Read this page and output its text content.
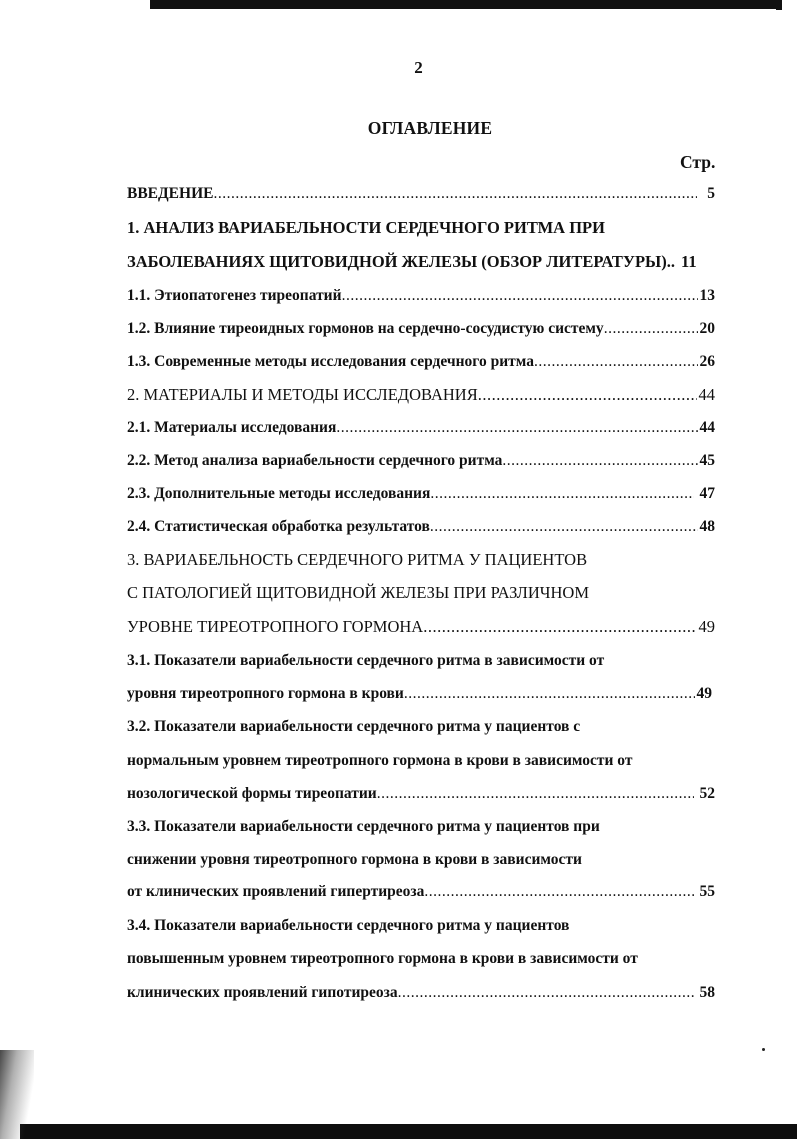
2
ОГЛАВЛЕНИЕ
Стр.
ВВЕДЕНИЕ .....	5
1. АНАЛИЗ ВАРИАБЕЛЬНОСТИ СЕРДЕЧНОГО РИТМА ПРИ
ЗАБОЛЕВАНИЯХ ЩИТОВИДНОЙ ЖЕЛЕЗЫ (ОБЗОР ЛИТЕРАТУРЫ).. 11
1.1. Этиопатогенез тиреопатий .....	13
1.2. Влияние тиреоидных гормонов на сердечно-сосудистую систему .....	20
1.3. Современные методы исследования сердечного ритма .....	26
2. МАТЕРИАЛЫ И МЕТОДЫ ИССЛЕДОВАНИЯ .....	44
2.1. Материалы исследования .....	44
2.2. Метод анализа вариабельности сердечного ритма .....	45
2.3. Дополнительные методы исследования .....	47
2.4. Статистическая обработка результатов .....	48
3. ВАРИАБЕЛЬНОСТЬ СЕРДЕЧНОГО РИТМА У ПАЦИЕНТОВ
С ПАТОЛОГИЕЙ ЩИТОВИДНОЙ ЖЕЛЕЗЫ ПРИ РАЗЛИЧНОМ
УРОВНЕ ТИРЕОТРОПНОГО ГОРМОНА .....	49
3.1. Показатели вариабельности сердечного ритма в зависимости от
уровня тиреотропного гормона в крови .....	49
3.2. Показатели вариабельности сердечного ритма у пациентов с
нормальным уровнем тиреотропного гормона в крови в зависимости от
нозологической формы тиреопатии .....	52
3.3. Показатели вариабельности сердечного ритма у пациентов при
снижении уровня тиреотропного гормона в крови в зависимости
от клинических проявлений гипертиреоза .....	55
3.4. Показатели вариабельности сердечного ритма у пациентов
повышенным уровнем тиреотропного гормона в крови в зависимости от
клинических проявлений гипотиреоза .....	58
